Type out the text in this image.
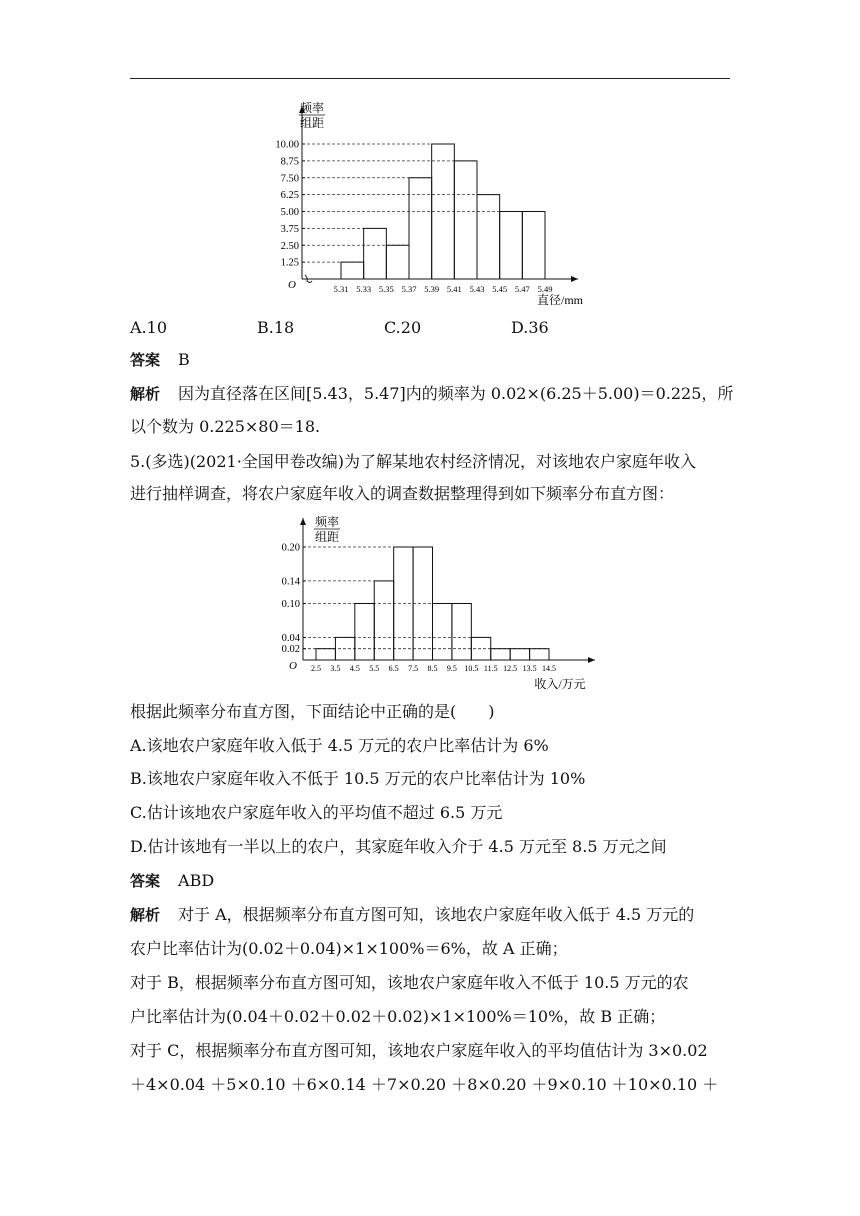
1.25
2.50
3.75
5.00
6.25
7.50
8.75
10.00
5.31 5.33 5.35 5.37 5.39 5.41 5.43 5.45 5.47 5.49
O
频率
组距
直径/mm
A.10	B.18	C.20	D.36
答案 B
解析 因为直径落在区间[5.43，5.47]内的频率为 0.02×(6.25＋5.00)＝0.225，所
以个数为 0.225×80＝18.
5.(多选)(2021·全国甲卷改编)为了解某地农村经济情况，对该地农户家庭年收入
进行抽样调查，将农户家庭年收入的调查数据整理得到如下频率分布直方图：
0.02
0.04
0.10
0.14
0.20
2.5 3.5 4.5 5.5 6.5 7.5 8.5 9.5 10.5 11.5 12.5 13.5 14.5
O
频率
组距
收入/万元
根据此频率分布直方图，下面结论中正确的是(　　)
A.该地农户家庭年收入低于 4.5 万元的农户比率估计为 6%
B.该地农户家庭年收入不低于 10.5 万元的农户比率估计为 10%
C.估计该地农户家庭年收入的平均值不超过 6.5 万元
D.估计该地有一半以上的农户，其家庭年收入介于 4.5 万元至 8.5 万元之间
答案 ABD
解析 对于 A，根据频率分布直方图可知，该地农户家庭年收入低于 4.5 万元的
农户比率估计为(0.02＋0.04)×1×100%＝6%，故 A 正确；
对于 B，根据频率分布直方图可知，该地农户家庭年收入不低于 10.5 万元的农
户比率估计为(0.04＋0.02＋0.02＋0.02)×1×100%＝10%，故 B 正确；
对于 C，根据频率分布直方图可知，该地农户家庭年收入的平均值估计为 3×0.02
＋4×0.04 ＋5×0.10 ＋6×0.14 ＋7×0.20 ＋8×0.20 ＋9×0.10 ＋10×0.10 ＋
